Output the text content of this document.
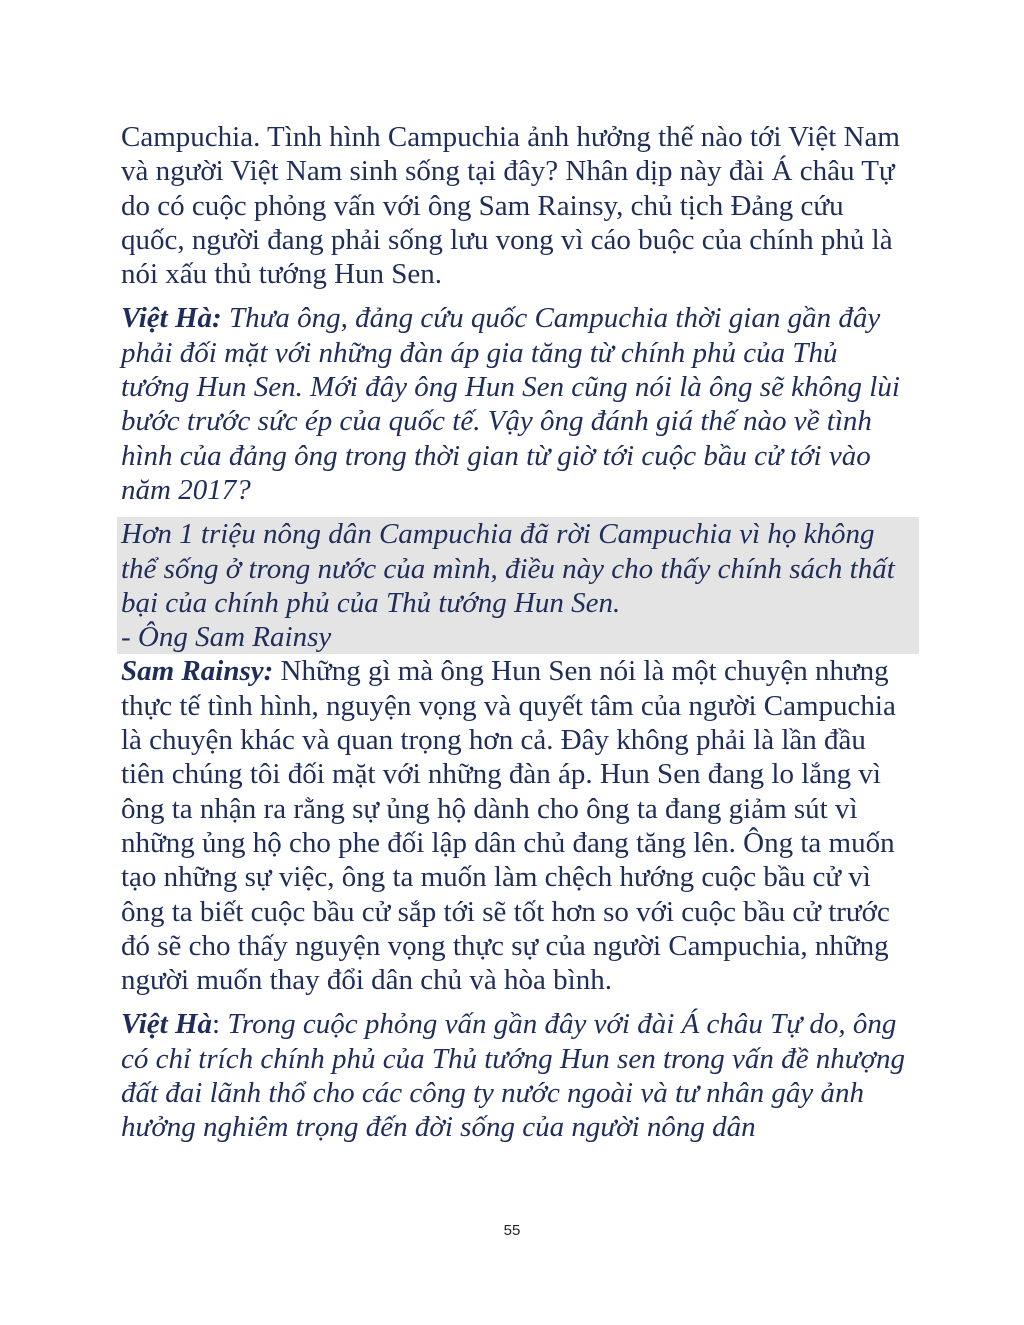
Campuchia. Tình hình Campuchia ảnh hưởng thế nào tới Việt Nam và người Việt Nam sinh sống tại đây? Nhân dịp này đài Á châu Tự do có cuộc phỏng vấn với ông Sam Rainsy, chủ tịch Đảng cứu quốc, người đang phải sống lưu vong vì cáo buộc của chính phủ là nói xấu thủ tướng Hun Sen.

Việt Hà: Thưa ông, đảng cứu quốc Campuchia thời gian gần đây phải đối mặt với những đàn áp gia tăng từ chính phủ của Thủ tướng Hun Sen. Mới đây ông Hun Sen cũng nói là ông sẽ không lùi bước trước sức ép của quốc tế. Vậy ông đánh giá thế nào về tình hình của đảng ông trong thời gian từ giờ tới cuộc bầu cử tới vào năm 2017?

Hơn 1 triệu nông dân Campuchia đã rời Campuchia vì họ không thể sống ở trong nước của mình, điều này cho thấy chính sách thất bại của chính phủ của Thủ tướng Hun Sen.
- Ông Sam Rainsy

Sam Rainsy: Những gì mà ông Hun Sen nói là một chuyện nhưng thực tế tình hình, nguyện vọng và quyết tâm của người Campuchia là chuyện khác và quan trọng hơn cả. Đây không phải là lần đầu tiên chúng tôi đối mặt với những đàn áp. Hun Sen đang lo lắng vì ông ta nhận ra rằng sự ủng hộ dành cho ông ta đang giảm sút vì những ủng hộ cho phe đối lập dân chủ đang tăng lên. Ông ta muốn tạo những sự việc, ông ta muốn làm chệch hướng cuộc bầu cử vì ông ta biết cuộc bầu cử sắp tới sẽ tốt hơn so với cuộc bầu cử trước đó sẽ cho thấy nguyện vọng thực sự của người Campuchia, những người muốn thay đổi dân chủ và hòa bình.

Việt Hà: Trong cuộc phỏng vấn gần đây với đài Á châu Tự do, ông có chỉ trích chính phủ của Thủ tướng Hun sen trong vấn đề nhượng đất đai lãnh thổ cho các công ty nước ngoài và tư nhân gây ảnh hưởng nghiêm trọng đến đời sống của người nông dân

55
